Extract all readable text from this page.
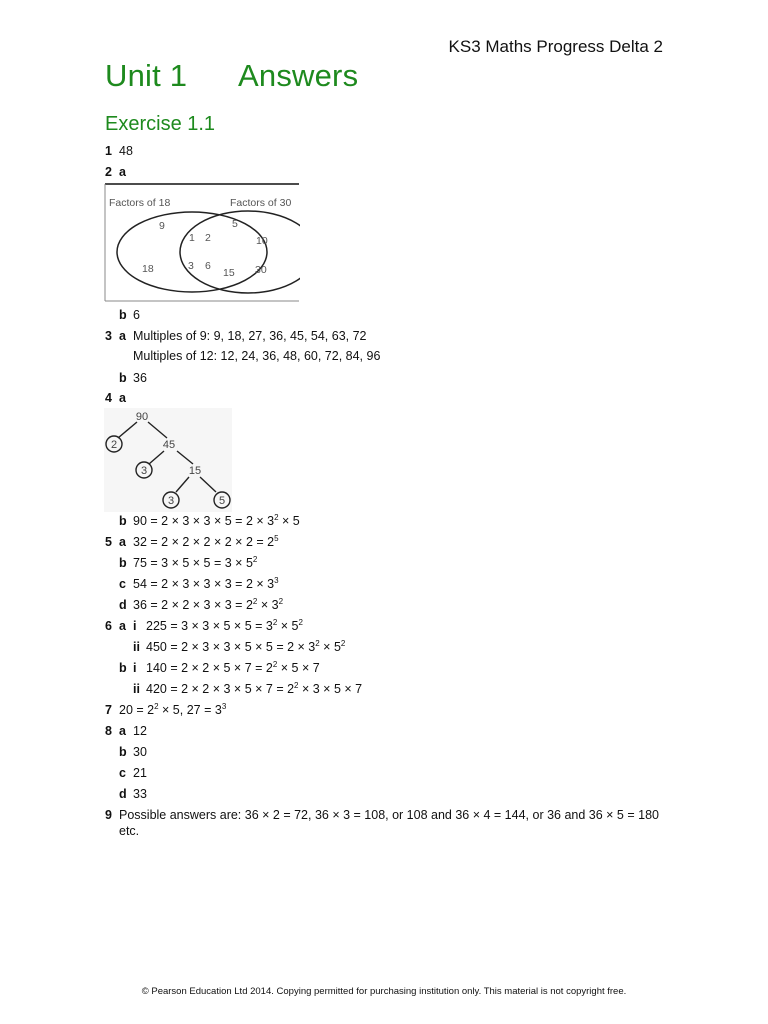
KS3 Maths Progress Delta 2
Unit 1 Answers
Exercise 1.1
1 48
2 a
Factors of 18	Factors of 30
9
18
1 2
3 6
5
10
15 30
b 6
3 a Multiples of 9: 9, 18, 27, 36, 45, 54, 63, 72
Multiples of 12: 12, 24, 36, 48, 60, 72, 84, 96
b 36
4 a
90
45
15
2
3
3	5
b $90 = 2 \times 3 \times 3 \times 5 = 2 \times 3^2 \times 5$
5 a $32 = 2 \times 2 \times 2 \times 2 \times 2 = 2^5$
b $75 = 3 \times 5 \times 5 = 3 \times 5^2$
c $54 = 2 \times 3 \times 3 \times 3 = 2 \times 3^3$
d $36 = 2 \times 2 \times 3 \times 3 = 2^2 \times 3^2$
6 a i $225 = 3 \times 3 \times 5 \times 5 = 3^2 \times 5^2$
ii $450 = 2 \times 3 \times 3 \times 5 \times 5 = 2 \times 3^2 \times 5^2$
b i $140 = 2 \times 2 \times 5 \times 7 = 2^2 \times 5 \times 7$
ii $420 = 2 \times 2 \times 3 \times 5 \times 7 = 2^2 \times 3 \times 5 \times 7$
7 $20 = 2^2 \times 5$, $27 = 3^3$
8 a 12
b 30
c 21
d 33
9 Possible answers are: 36 × 2 = 72, 36 × 3 = 108, or 108 and 36 × 4 = 144, or 36 and 36 × 5 = 180
etc.
© Pearson Education Ltd 2014. Copying permitted for purchasing institution only. This material is not copyright free.
